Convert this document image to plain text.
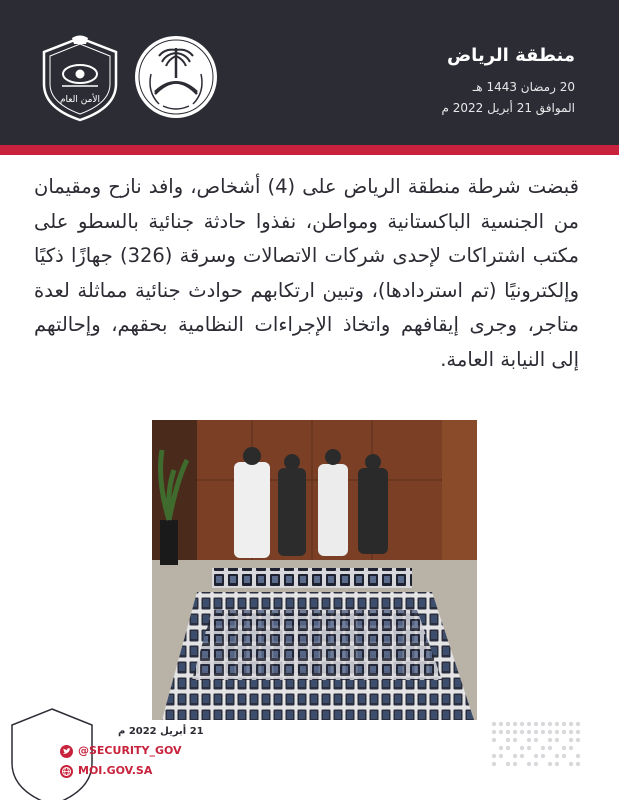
الأمن العام
منطقة الرياض
20 رمضان 1443 هـ
الموافق 21 أبريل 2022 م
قبضت شرطة منطقة الرياض على (4) أشخاص، وافد نازح ومقيمان من الجنسية الباكستانية ومواطن، نفذوا حادثة جنائية بالسطو على مكتب اشتراكات لإحدى شركات الاتصالات وسرقة (326) جهازًا ذكيًا وإلكترونيًا (تم استردادها)، وتبين ارتكابهم حوادث جنائية مماثلة لعدة متاجر، وجرى إيقافهم واتخاذ الإجراءات النظامية بحقهم، وإحالتهم إلى النيابة العامة.
21 أبريل 2022 م
@SECURITY_GOV
MOI.GOV.SA
